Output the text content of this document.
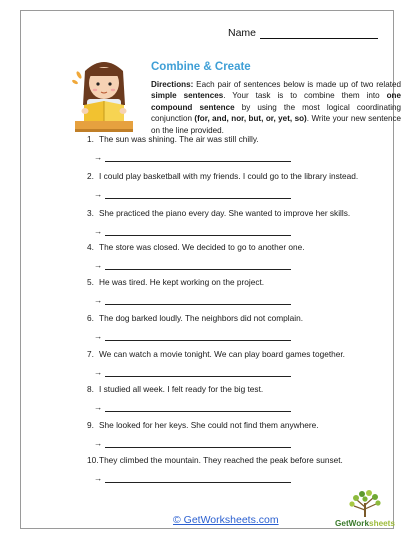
Name
Combine & Create

Directions: Each pair of sentences below is made up of two related simple sentences. Your task is to combine them into one compound sentence by using the most logical coordinating conjunction (for, and, nor, but, or, yet, so). Write your new sentence on the line provided.

1. The sun was shining. The air was still chilly.
→
2. I could play basketball with my friends. I could go to the library instead.
→
3. She practiced the piano every day. She wanted to improve her skills.
→
4. The store was closed. We decided to go to another one.
→
5. He was tired. He kept working on the project.
→
6. The dog barked loudly. The neighbors did not complain.
→
7. We can watch a movie tonight. We can play board games together.
→
8. I studied all week. I felt ready for the big test.
→
9. She looked for her keys. She could not find them anywhere.
→
10. They climbed the mountain. They reached the peak before sunset.
→
© GetWorksheets.com	GetWorksheets
